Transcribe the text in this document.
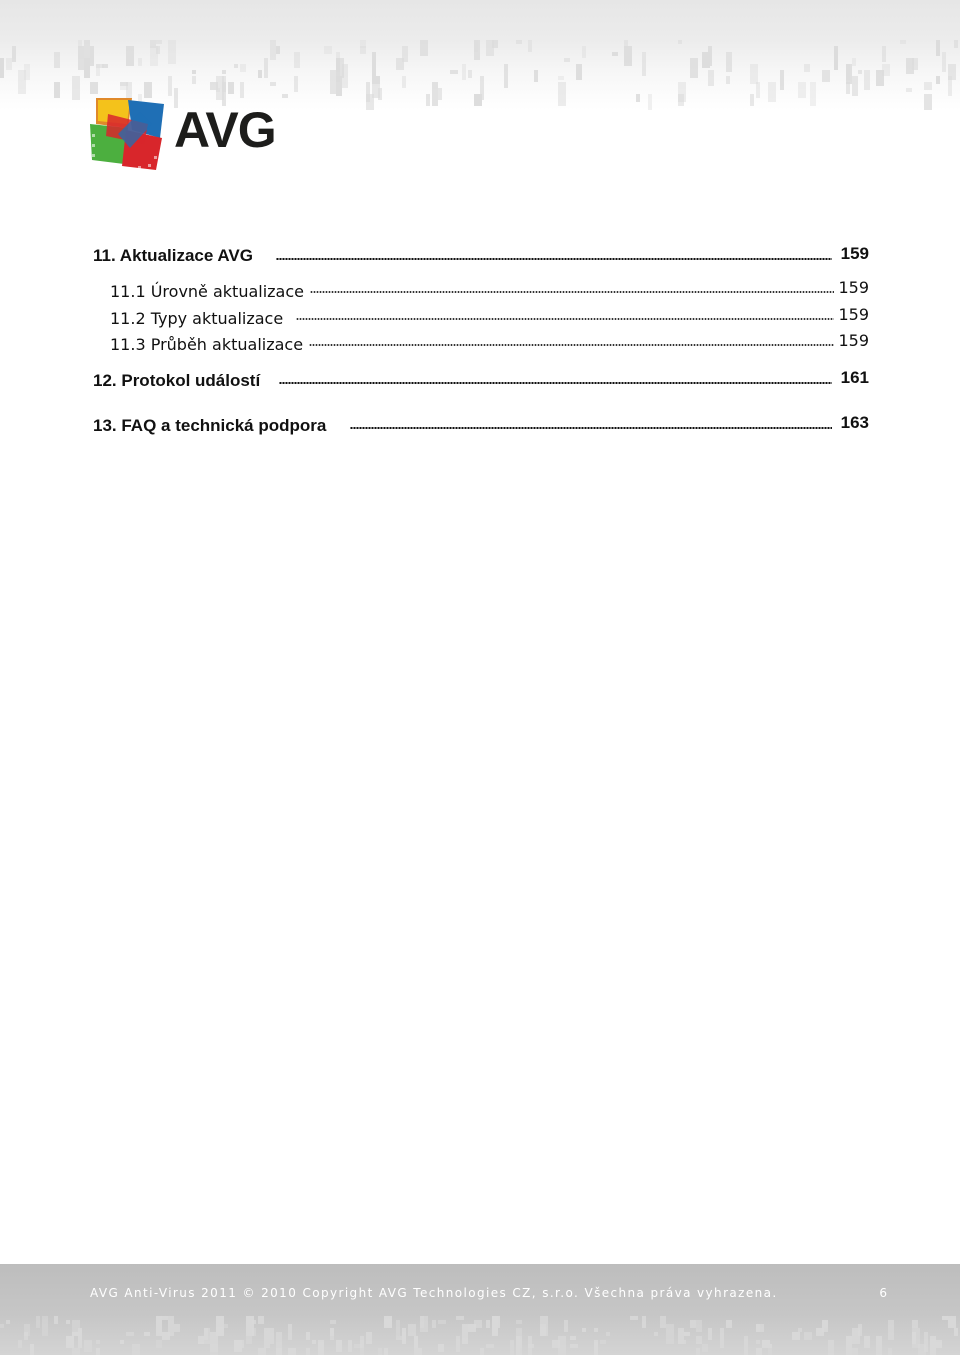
AVG
11. Aktualizace AVG	159
11.1 Úrovně aktualizace	159
11.2 Typy aktualizace	159
11.3 Průběh aktualizace	159
12. Protokol událostí	161
13. FAQ a technická podpora	163
AVG Anti-Virus 2011 © 2010 Copyright AVG Technologies CZ, s.r.o. Všechna práva vyhrazena.	6
